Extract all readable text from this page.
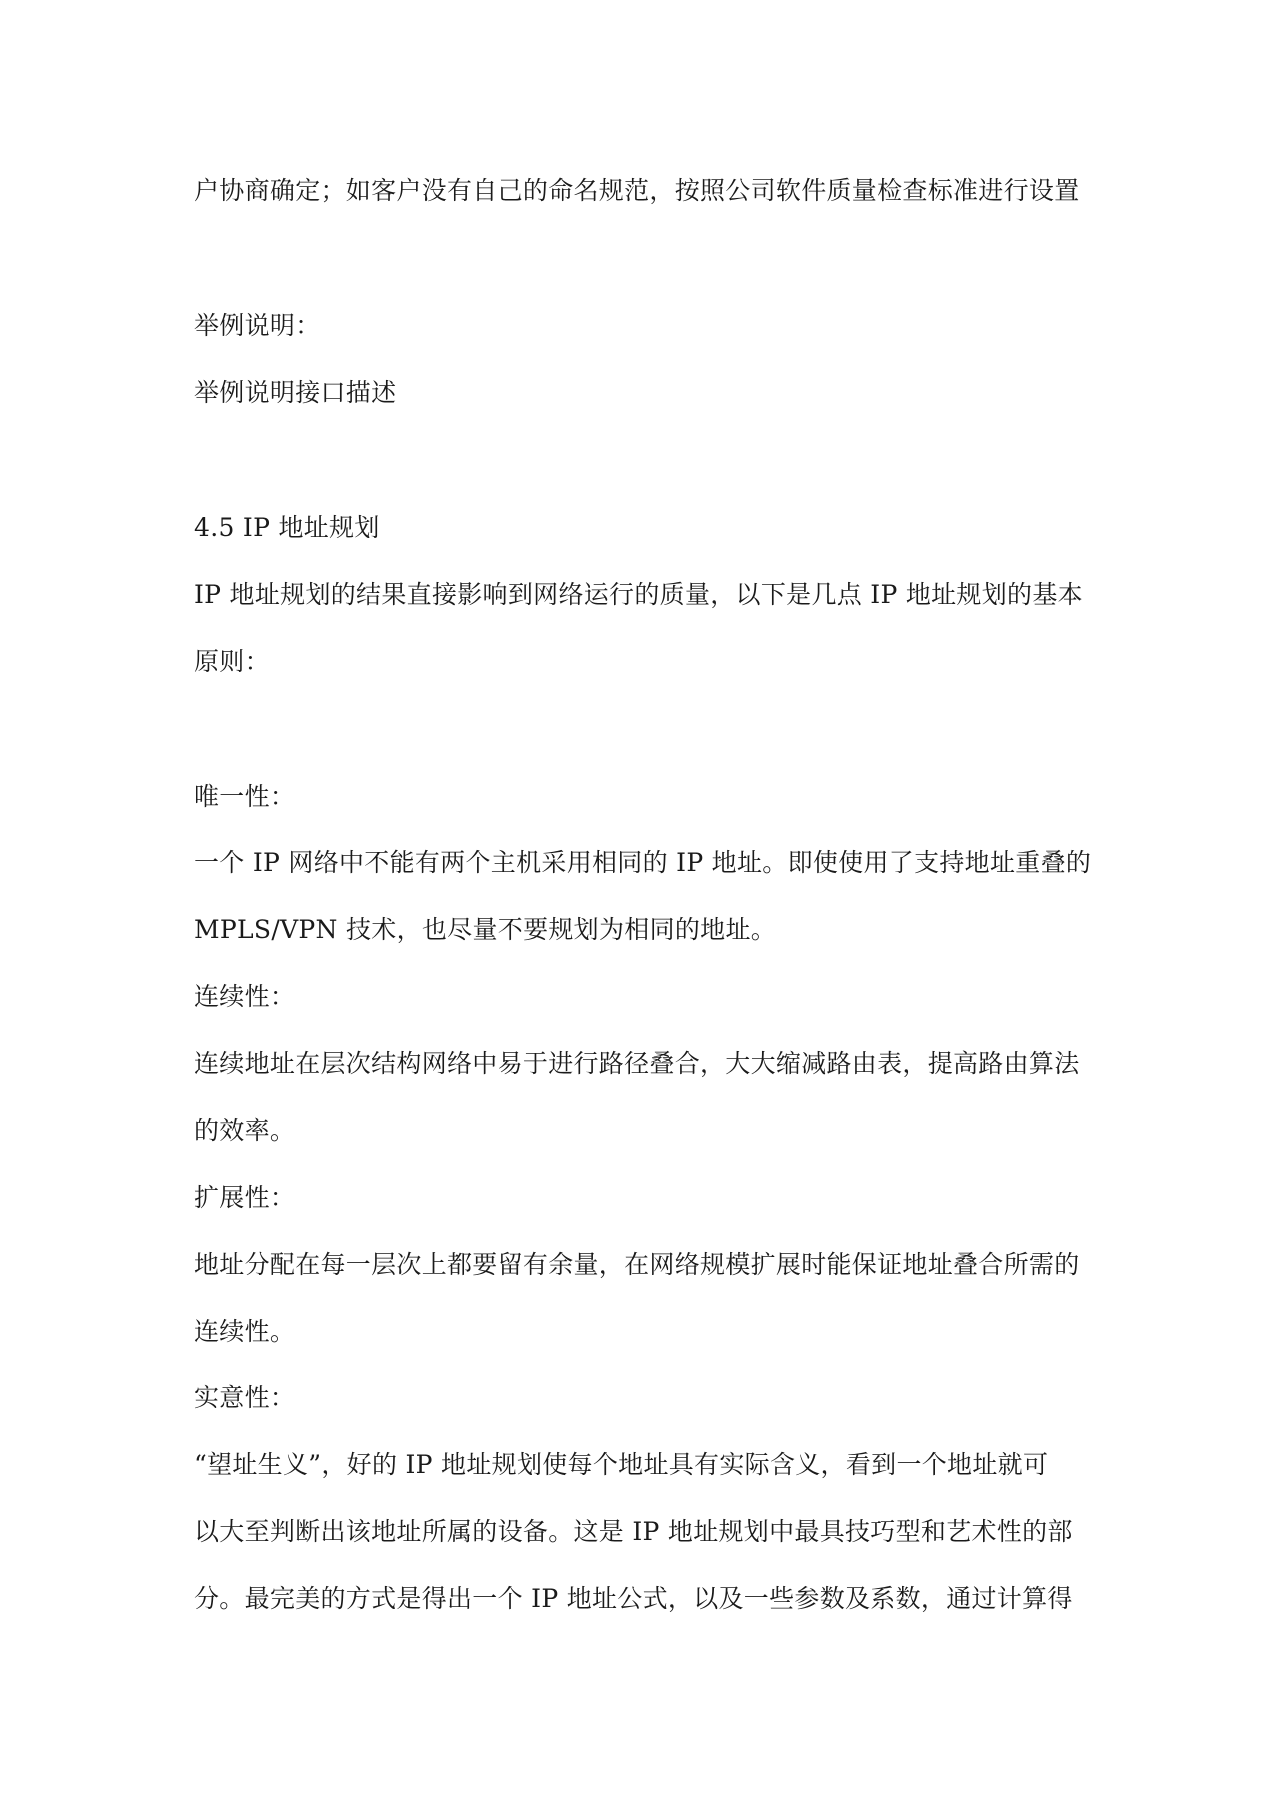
户协商确定；如客户没有自己的命名规范，按照公司软件质量检查标准进行设置
举例说明：
举例说明接口描述
4.5 IP 地址规划
IP 地址规划的结果直接影响到网络运行的质量，以下是几点 IP 地址规划的基本
原则：
唯一性：
一个 IP 网络中不能有两个主机采用相同的 IP 地址。即使使用了支持地址重叠的
MPLS/VPN 技术，也尽量不要规划为相同的地址。
连续性：
连续地址在层次结构网络中易于进行路径叠合，大大缩减路由表，提高路由算法
的效率。
扩展性：
地址分配在每一层次上都要留有余量，在网络规模扩展时能保证地址叠合所需的
连续性。
实意性：
“望址生义”，好的 IP 地址规划使每个地址具有实际含义，看到一个地址就可
以大至判断出该地址所属的设备。这是 IP 地址规划中最具技巧型和艺术性的部
分。最完美的方式是得出一个 IP 地址公式，以及一些参数及系数，通过计算得
